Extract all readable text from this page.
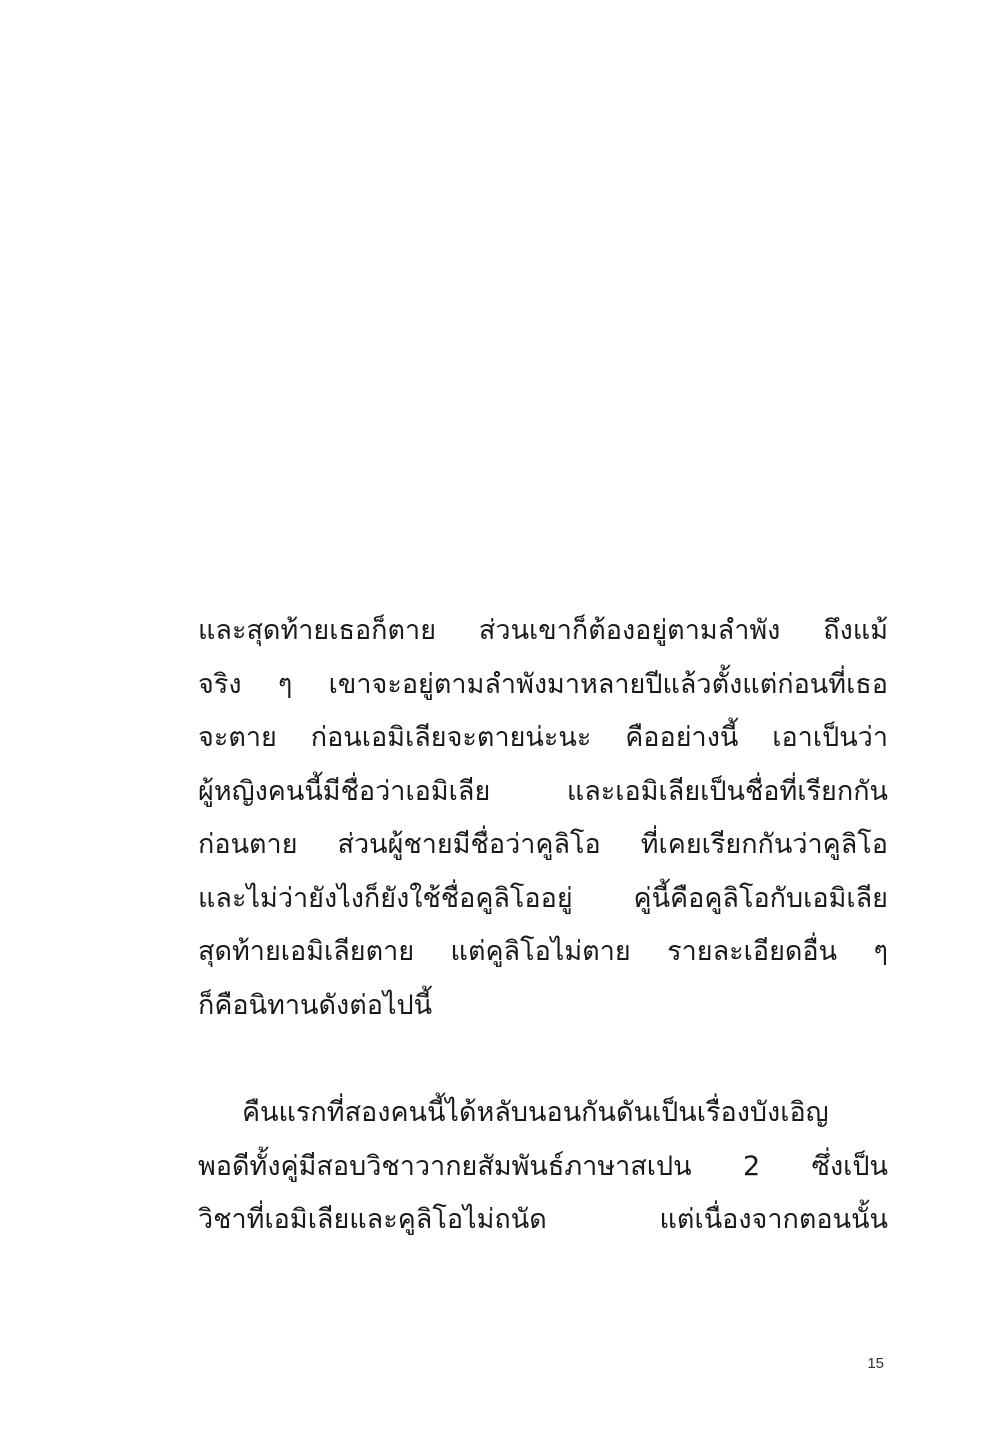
และสุดท้ายเธอก็ตาย ส่วนเขาก็ต้องอยู่ตามลำพัง ถึงแม้
จริง ๆ เขาจะอยู่ตามลำพังมาหลายปีแล้วตั้งแต่ก่อนที่เธอ
จะตาย ก่อนเอมิเลียจะตายน่ะนะ คืออย่างนี้ เอาเป็นว่า
ผู้หญิงคนนี้มีชื่อว่าเอมิเลีย และเอมิเลียเป็นชื่อที่เรียกกัน
ก่อนตาย ส่วนผู้ชายมีชื่อว่าคูลิโอ ที่เคยเรียกกันว่าคูลิโอ
และไม่ว่ายังไงก็ยังใช้ชื่อคูลิโออยู่ คู่นี้คือคูลิโอกับเอมิเลีย
สุดท้ายเอมิเลียตาย แต่คูลิโอไม่ตาย รายละเอียดอื่น ๆ
ก็คือนิทานดังต่อไปนี้
คืนแรกที่สองคนนี้ได้หลับนอนกันดันเป็นเรื่องบังเอิญ
พอดีทั้งคู่มีสอบวิชาวากยสัมพันธ์ภาษาสเปน 2 ซึ่งเป็น
วิชาที่เอมิเลียและคูลิโอไม่ถนัด แต่เนื่องจากตอนนั้น
15
